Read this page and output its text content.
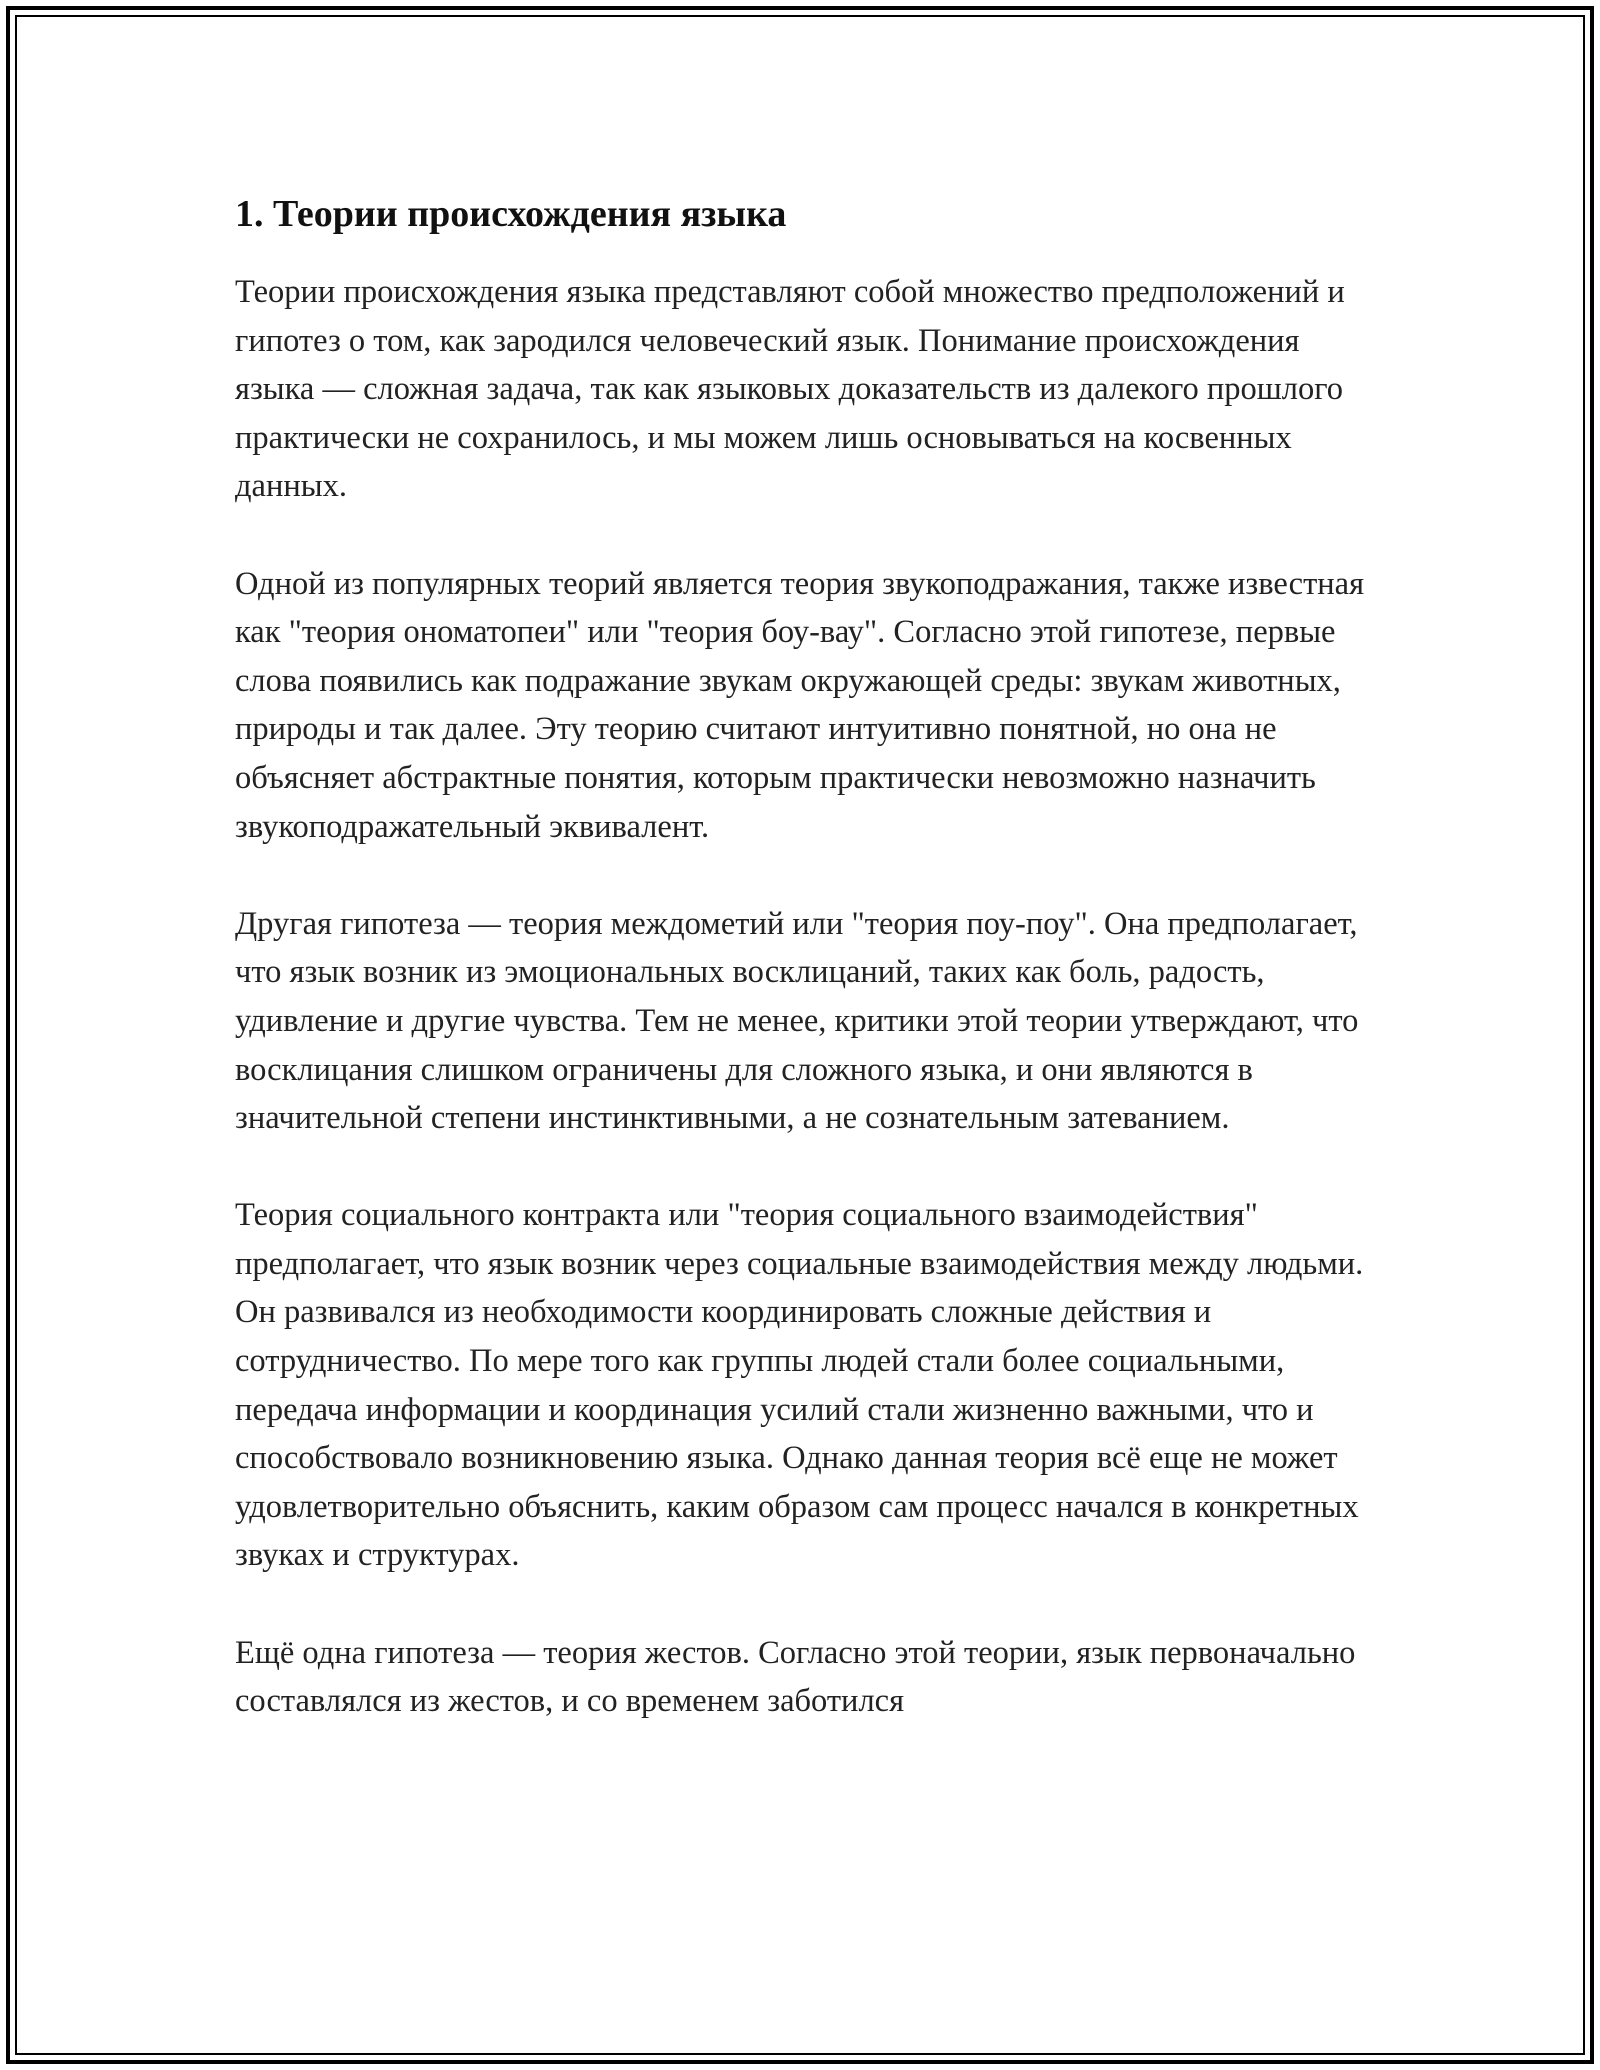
1. Теории происхождения языка

Теории происхождения языка представляют собой множество предположений и гипотез о том, как зародился человеческий язык. Понимание происхождения языка — сложная задача, так как языковых доказательств из далекого прошлого практически не сохранилось, и мы можем лишь основываться на косвенных данных.

Одной из популярных теорий является теория звукоподражания, также известная как "теория ономатопеи" или "теория боу-вау". Согласно этой гипотезе, первые слова появились как подражание звукам окружающей среды: звукам животных, природы и так далее. Эту теорию считают интуитивно понятной, но она не объясняет абстрактные понятия, которым практически невозможно назначить звукоподражательный эквивалент.

Другая гипотеза — теория междометий или "теория поу-поу". Она предполагает, что язык возник из эмоциональных восклицаний, таких как боль, радость, удивление и другие чувства. Тем не менее, критики этой теории утверждают, что восклицания слишком ограничены для сложного языка, и они являются в значительной степени инстинктивными, а не сознательным затеванием.

Теория социального контракта или "теория социального взаимодействия" предполагает, что язык возник через социальные взаимодействия между людьми. Он развивался из необходимости координировать сложные действия и сотрудничество. По мере того как группы людей стали более социальными, передача информации и координация усилий стали жизненно важными, что и способствовало возникновению языка. Однако данная теория всё еще не может удовлетворительно объяснить, каким образом сам процесс начался в конкретных звуках и структурах.

Ещё одна гипотеза — теория жестов. Согласно этой теории, язык первоначально составлялся из жестов, и со временем заботился
